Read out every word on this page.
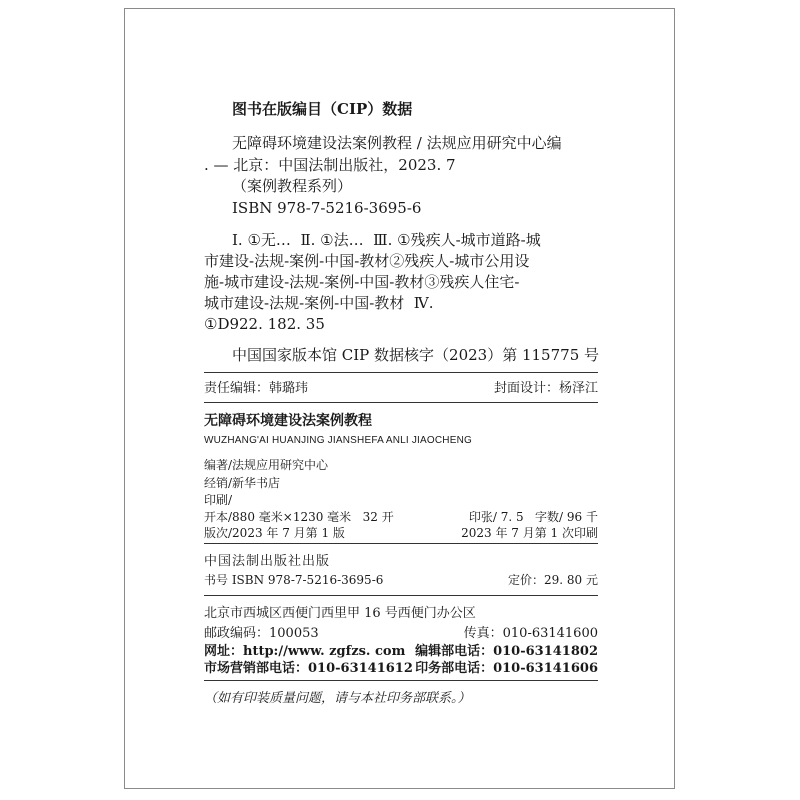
图书在版编目（CIP）数据
无障碍环境建设法案例教程 / 法规应用研究中心编
. — 北京：中国法制出版社，2023. 7
（案例教程系列）
ISBN 978-7-5216-3695-6
Ⅰ. ①无…  Ⅱ. ①法…  Ⅲ. ①残疾人-城市道路-城
市建设-法规-案例-中国-教材②残疾人-城市公用设
施-城市建设-法规-案例-中国-教材③残疾人住宅-
城市建设-法规-案例-中国-教材  Ⅳ.
①D922. 182. 35
中国国家版本馆 CIP 数据核字（2023）第 115775 号
责任编辑：韩璐玮	封面设计：杨泽江
无障碍环境建设法案例教程
WUZHANG'AI HUANJING JIANSHEFA ANLI JIAOCHENG
编著/法规应用研究中心
经销/新华书店
印刷/
开本/880 毫米×1230 毫米   32 开	印张/ 7. 5   字数/ 96 千
版次/2023 年 7 月第 1 版	2023 年 7 月第 1 次印刷
中国法制出版社出版
书号 ISBN 978-7-5216-3695-6	定价：29. 80 元
北京市西城区西便门西里甲 16 号西便门办公区
邮政编码：100053	传真：010-63141600
网址：http://www. zgfzs. com 编辑部电话：010-63141802
市场营销部电话：010-63141612 印务部电话：010-63141606
（如有印装质量问题，请与本社印务部联系。）
